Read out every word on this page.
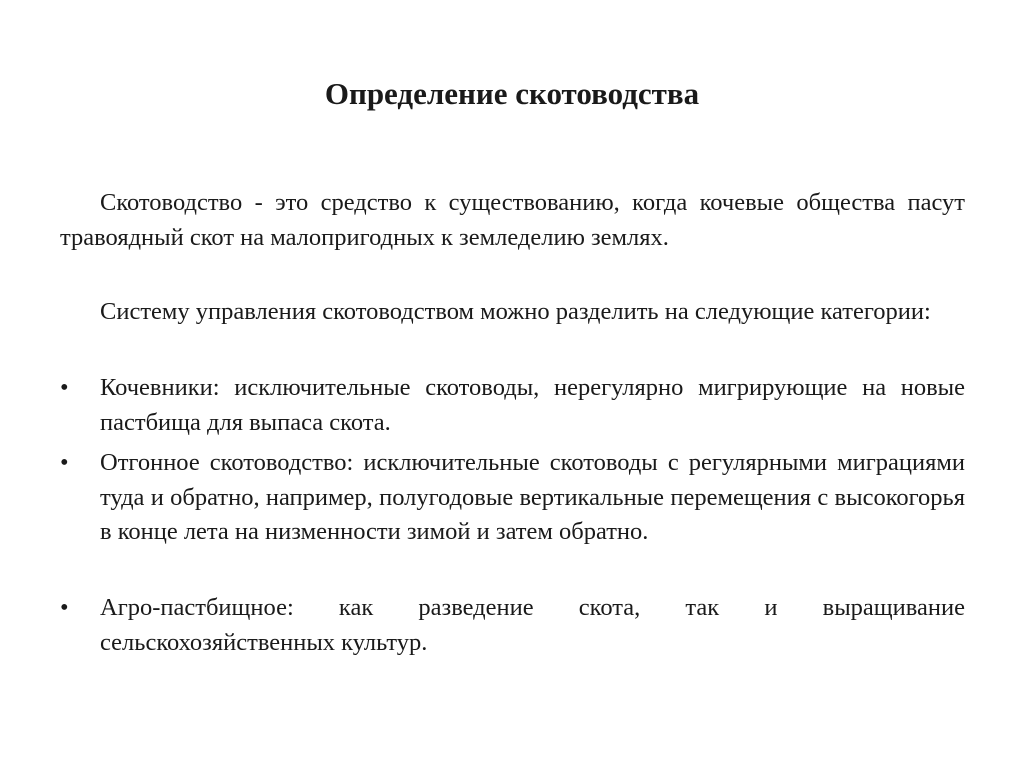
Определение скотоводства
Скотоводство - это средство к существованию, когда кочевые общества пасут травоядный скот на малопригодных к земледелию землях.
Систему управления скотоводством можно разделить на следующие категории:
• Кочевники: исключительные скотоводы, нерегулярно мигрирующие на новые пастбища для выпаса скота.
• Отгонное скотоводство: исключительные скотоводы с регулярными миграциями туда и обратно, например, полугодовые вертикальные перемещения с высокогорья в конце лета на низменности зимой и затем обратно.
• Агро-пастбищное: как разведение скота, так и выращивание сельскохозяйственных культур.
